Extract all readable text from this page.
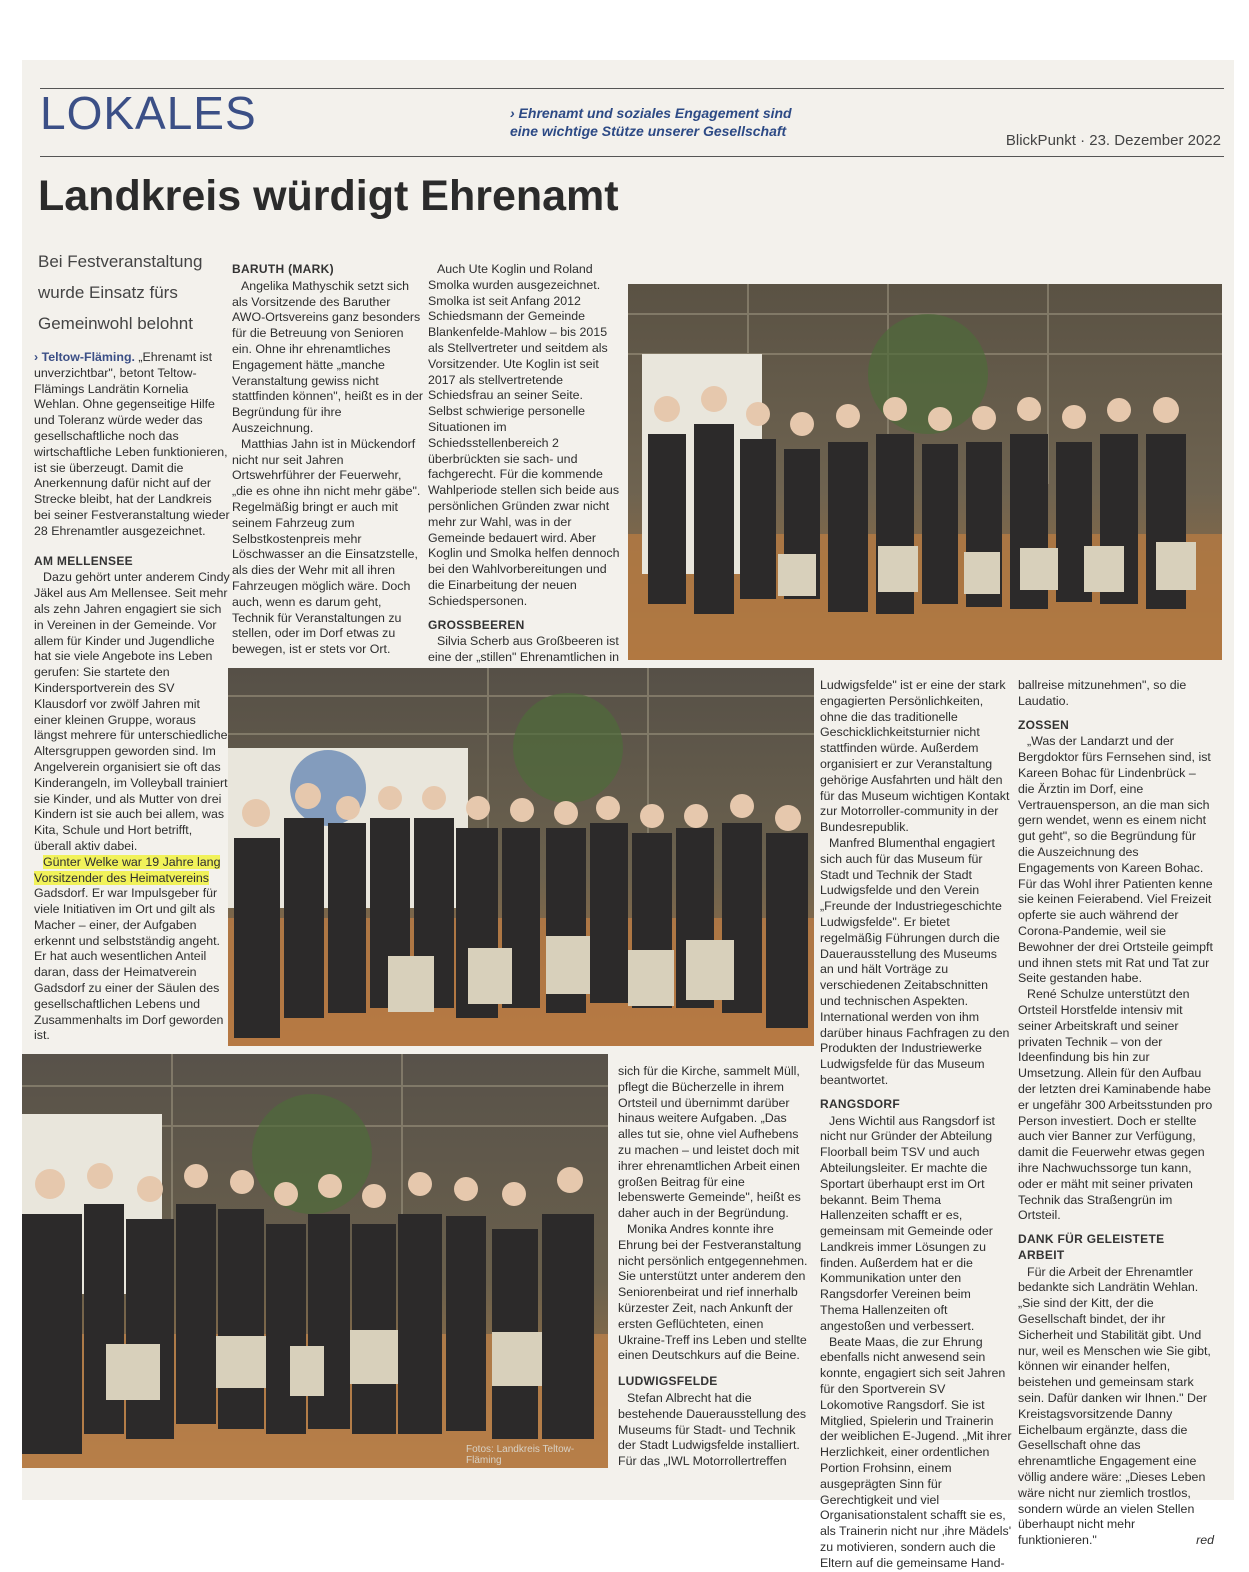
LOKALES	› Ehrenamt und soziales Engagement sind eine wichtige Stütze unserer Gesellschaft
BlickPunkt · 23. Dezember 2022
Landkreis würdigt Ehrenamt
Bei Festveranstaltung wurde Einsatz fürs Gemeinwohl belohnt

› Teltow-Fläming. „Ehrenamt ist unverzichtbar", betont Teltow-Flämings Landrätin Kornelia Wehlan. Ohne gegenseitige Hilfe und Toleranz würde weder das gesellschaftliche noch das wirtschaftliche Leben funktionieren, ist sie überzeugt. Damit die Anerkennung dafür nicht auf der Strecke bleibt, hat der Landkreis bei seiner Festveranstaltung wieder 28 Ehrenamtler ausgezeichnet.

AM MELLENSEE

Dazu gehört unter anderem Cindy Jäkel aus Am Mellensee. Seit mehr als zehn Jahren engagiert sie sich in Vereinen in der Gemeinde. Vor allem für Kinder und Jugendliche hat sie viele Angebote ins Leben gerufen: Sie startete den Kindersportverein des SV Klausdorf vor zwölf Jahren mit einer kleinen Gruppe, woraus längst mehrere für unterschiedliche Altersgruppen geworden sind. Im Angelverein organisiert sie oft das Kinderangeln, im Volleyball trainiert sie Kinder, und als Mutter von drei Kindern ist sie auch bei allem, was Kita, Schule und Hort betrifft, überall aktiv dabei.

Günter Welke war 19 Jahre lang Vorsitzender des Heimatvereins Gadsdorf. Er war Impulsgeber für viele Initiativen im Ort und gilt als Macher – einer, der Aufgaben erkennt und selbstständig angeht. Er hat auch wesentlichen Anteil daran, dass der Heimatverein Gadsdorf zu einer der Säulen des gesellschaftlichen Lebens und Zusammenhalts im Dorf geworden ist.

BARUTH (MARK)

Angelika Mathyschik setzt sich als Vorsitzende des Baruther AWO-Ortsvereins ganz besonders für die Betreuung von Senioren ein. Ohne ihr ehrenamtliches Engagement hätte „manche Veranstaltung gewiss nicht stattfinden können", heißt es in der Begründung für ihre Auszeichnung.

Matthias Jahn ist in Mückendorf nicht nur seit Jahren Ortswehrführer der Feuerwehr, „die es ohne ihn nicht mehr gäbe". Regelmäßig bringt er auch mit seinem Fahrzeug zum Selbstkostenpreis mehr Löschwasser an die Einsatzstelle, als dies der Wehr mit all ihren Fahrzeugen möglich wäre. Doch auch, wenn es darum geht, Technik für Veranstaltungen zu stellen, oder im Dorf etwas zu bewegen, ist er stets vor Ort.

Auch Ute Koglin und Roland Smolka wurden ausgezeichnet. Smolka ist seit Anfang 2012 Schiedsmann der Gemeinde Blankenfelde-Mahlow – bis 2015 als Stellvertreter und seitdem als Vorsitzender. Ute Koglin ist seit 2017 als stellvertretende Schiedsfrau an seiner Seite. Selbst schwierige personelle Situationen im Schiedsstellenbereich 2 überbrückten sie sach- und fachgerecht. Für die kommende Wahlperiode stellen sich beide aus persönlichen Gründen zwar nicht mehr zur Wahl, was in der Gemeinde bedauert wird. Aber Koglin und Smolka helfen dennoch bei den Wahlvorbereitungen und die Einarbeitung der neuen Schiedspersonen.

GROSSBEEREN

Silvia Scherb aus Großbeeren ist eine der „stillen" Ehrenamtlichen in

Fotos: Landkreis Teltow-Fläming

sich für die Kirche, sammelt Müll, pflegt die Bücherzelle in ihrem Ortsteil und übernimmt darüber hinaus weitere Aufgaben. „Das alles tut sie, ohne viel Aufhebens zu machen – und leistet doch mit ihrer ehrenamtlichen Arbeit einen großen Beitrag für eine lebenswerte Gemeinde", heißt es daher auch in der Begründung.

Monika Andres konnte ihre Ehrung bei der Festveranstaltung nicht persönlich entgegennehmen. Sie unterstützt unter anderem den Seniorenbeirat und rief innerhalb kürzester Zeit, nach Ankunft der ersten Geflüchteten, einen Ukraine-Treff ins Leben und stellte einen Deutschkurs auf die Beine.

LUDWIGSFELDE

Stefan Albrecht hat die bestehende Dauerausstellung des Museums für Stadt- und Technik der Stadt Ludwigsfelde installiert. Für das „IWL Motorrollertreffen

Ludwigsfelde" ist er eine der stark engagierten Persönlichkeiten, ohne die das traditionelle Geschicklichkeitsturnier nicht stattfinden würde. Außerdem organisiert er zur Veranstaltung gehörige Ausfahrten und hält den für das Museum wichtigen Kontakt zur Motorroller-community in der Bundesrepublik.

Manfred Blumenthal engagiert sich auch für das Museum für Stadt und Technik der Stadt Ludwigsfelde und den Verein „Freunde der Industriegeschichte Ludwigsfelde". Er bietet regelmäßig Führungen durch die Dauerausstellung des Museums an und hält Vorträge zu verschiedenen Zeitabschnitten und technischen Aspekten. International werden von ihm darüber hinaus Fachfragen zu den Produkten der Industriewerke Ludwigsfelde für das Museum beantwortet.

RANGSDORF

Jens Wichtil aus Rangsdorf ist nicht nur Gründer der Abteilung Floorball beim TSV und auch Abteilungsleiter. Er machte die Sportart überhaupt erst im Ort bekannt. Beim Thema Hallenzeiten schafft er es, gemeinsam mit Gemeinde oder Landkreis immer Lösungen zu finden. Außerdem hat er die Kommunikation unter den Rangsdorfer Vereinen beim Thema Hallenzeiten oft angestoßen und verbessert.

Beate Maas, die zur Ehrung ebenfalls nicht anwesend sein konnte, engagiert sich seit Jahren für den Sportverein SV Lokomotive Rangsdorf. Sie ist Mitglied, Spielerin und Trainerin der weiblichen E-Jugend. „Mit ihrer Herzlichkeit, einer ordentlichen Portion Frohsinn, einem ausgeprägten Sinn für Gerechtigkeit und viel Organisationstalent schafft sie es, als Trainerin nicht nur ‚ihre Mädels' zu motivieren, sondern auch die Eltern auf die gemeinsame Hand-

ballreise mitzunehmen", so die Laudatio.

ZOSSEN

„Was der Landarzt und der Bergdoktor fürs Fernsehen sind, ist Kareen Bohac für Lindenbrück – die Ärztin im Dorf, eine Vertrauensperson, an die man sich gern wendet, wenn es einem nicht gut geht", so die Begründung für die Auszeichnung des Engagements von Kareen Bohac. Für das Wohl ihrer Patienten kenne sie keinen Feierabend. Viel Freizeit opferte sie auch während der Corona-Pandemie, weil sie Bewohner der drei Ortsteile geimpft und ihnen stets mit Rat und Tat zur Seite gestanden habe.

René Schulze unterstützt den Ortsteil Horstfelde intensiv mit seiner Arbeitskraft und seiner privaten Technik – von der Ideenfindung bis hin zur Umsetzung. Allein für den Aufbau der letzten drei Kaminabende habe er ungefähr 300 Arbeitsstunden pro Person investiert. Doch er stellte auch vier Banner zur Verfügung, damit die Feuerwehr etwas gegen ihre Nachwuchssorge tun kann, oder er mäht mit seiner privaten Technik das Straßengrün im Ortsteil.

DANK FÜR GELEISTETE ARBEIT

Für die Arbeit der Ehrenamtler bedankte sich Landrätin Wehlan. „Sie sind der Kitt, der die Gesellschaft bindet, der ihr Sicherheit und Stabilität gibt. Und nur, weil es Menschen wie Sie gibt, können wir einander helfen, beistehen und gemeinsam stark sein. Dafür danken wir Ihnen." Der Kreistagsvorsitzende Danny Eichelbaum ergänzte, dass die Gesellschaft ohne das ehrenamtliche Engagement eine völlig andere wäre: „Dieses Leben wäre nicht nur ziemlich trostlos, sondern würde an vielen Stellen überhaupt nicht mehr funktionieren."	red
